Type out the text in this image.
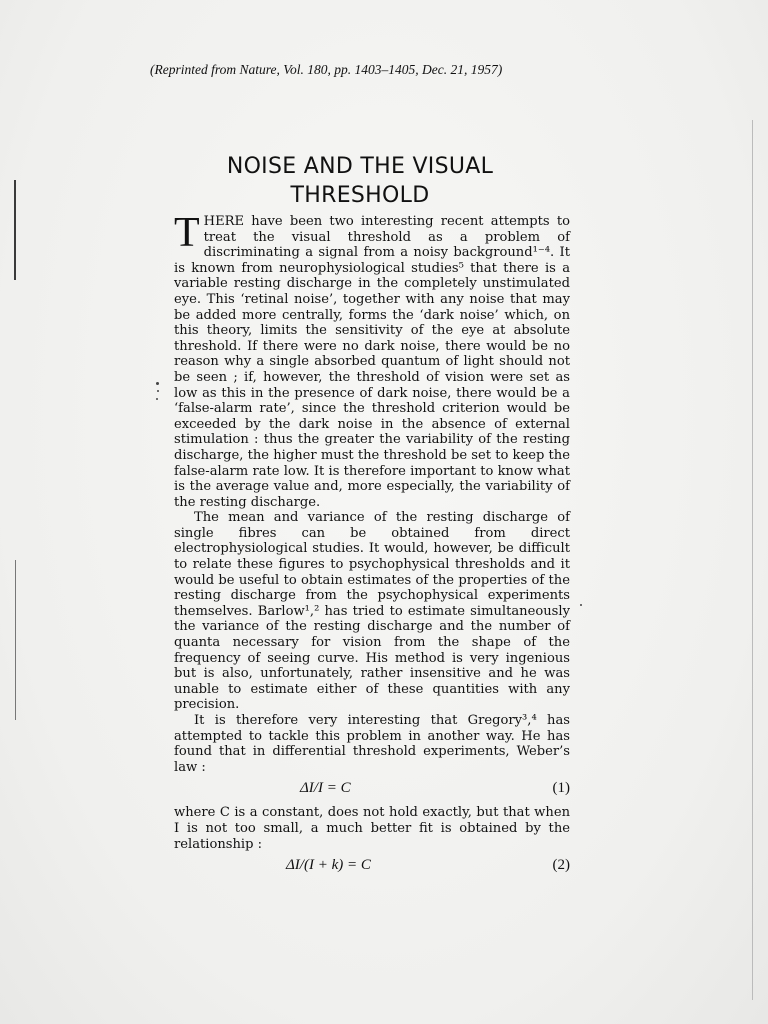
(Reprinted from Nature, Vol. 180, pp. 1403–1405, Dec. 21, 1957)
NOISE AND THE VISUAL
THRESHOLD

T HERE have been two interesting recent attempts to treat the visual threshold as a problem of discriminating a signal from a noisy background¹⁻⁴. It is known from neurophysiological studies⁵ that there is a variable resting discharge in the completely unstimulated eye. This ‘retinal noise’, together with any noise that may be added more centrally, forms the ‘dark noise’ which, on this theory, limits the sensitivity of the eye at absolute threshold. If there were no dark noise, there would be no reason why a single absorbed quantum of light should not be seen ; if, however, the threshold of vision were set as low as this in the presence of dark noise, there would be a ‘false-alarm rate’, since the threshold criterion would be exceeded by the dark noise in the absence of external stimulation : thus the greater the variability of the resting discharge, the higher must the threshold be set to keep the false-alarm rate low. It is therefore important to know what is the average value and, more especially, the variability of the resting discharge.

The mean and variance of the resting discharge of single fibres can be obtained from direct electrophysiological studies. It would, however, be difficult to relate these figures to psychophysical thresholds and it would be useful to obtain estimates of the properties of the resting discharge from the psychophysical experiments themselves. Barlow¹,² has tried to estimate simultaneously the variance of the resting discharge and the number of quanta necessary for vision from the shape of the frequency of seeing curve. His method is very ingenious but is also, unfortunately, rather insensitive and he was unable to estimate either of these quantities with any precision.

It is therefore very interesting that Gregory³,⁴ has attempted to tackle this problem in another way. He has found that in differential threshold experiments, Weber’s law :

ΔI/I = C	(1)

where C is a constant, does not hold exactly, but that when I is not too small, a much better fit is obtained by the relationship :

ΔI/(I + k) = C	(2)
